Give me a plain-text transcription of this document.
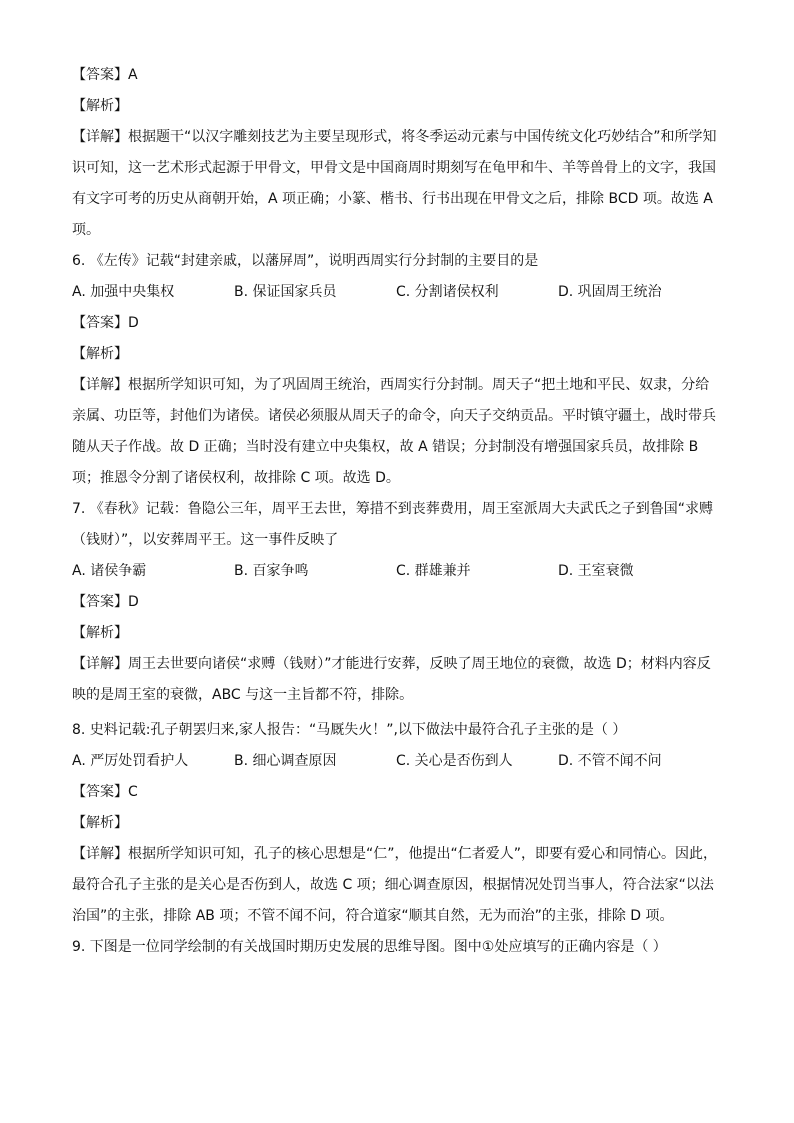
【答案】A
【解析】
【详解】根据题干“以汉字雕刻技艺为主要呈现形式，将冬季运动元素与中国传统文化巧妙结合”和所学知
识可知，这一艺术形式起源于甲骨文，甲骨文是中国商周时期刻写在龟甲和牛、羊等兽骨上的文字，我国
有文字可考的历史从商朝开始，A 项正确；小篆、楷书、行书出现在甲骨文之后，排除 BCD 项。故选 A
项。
6. 《左传》记载“封建亲戚，以藩屏周”，说明西周实行分封制的主要目的是
A. 加强中央集权	B. 保证国家兵员	C. 分割诸侯权利	D. 巩固周王统治
【答案】D
【解析】
【详解】根据所学知识可知，为了巩固周王统治，西周实行分封制。周天子“把土地和平民、奴隶，分给
亲属、功臣等，封他们为诸侯。诸侯必须服从周天子的命令，向天子交纳贡品。平时镇守疆土，战时带兵
随从天子作战。故 D 正确；当时没有建立中央集权，故 A 错误；分封制没有增强国家兵员，故排除 B
项；推恩令分割了诸侯权利，故排除 C 项。故选 D。
7. 《春秋》记载：鲁隐公三年，周平王去世，筹措不到丧葬费用，周王室派周大夫武氏之子到鲁国“求赙
（钱财）”，以安葬周平王。这一事件反映了
A. 诸侯争霸	B. 百家争鸣	C. 群雄兼并	D. 王室衰微
【答案】D
【解析】
【详解】周王去世要向诸侯“求赙（钱财）”才能进行安葬，反映了周王地位的衰微，故选 D；材料内容反
映的是周王室的衰微，ABC 与这一主旨都不符，排除。
8. 史料记载:孔子朝罢归来,家人报告：“马厩失火！”,以下做法中最符合孔子主张的是（ ）
A. 严厉处罚看护人	B. 细心调查原因	C. 关心是否伤到人	D. 不管不闻不问
【答案】C
【解析】
【详解】根据所学知识可知，孔子的核心思想是“仁”，他提出“仁者爱人”，即要有爱心和同情心。因此，
最符合孔子主张的是关心是否伤到人，故选 C 项；细心调查原因，根据情况处罚当事人，符合法家“以法
治国”的主张，排除 AB 项；不管不闻不问，符合道家“顺其自然，无为而治”的主张，排除 D 项。
9. 下图是一位同学绘制的有关战国时期历史发展的思维导图。图中①处应填写的正确内容是（ ）
